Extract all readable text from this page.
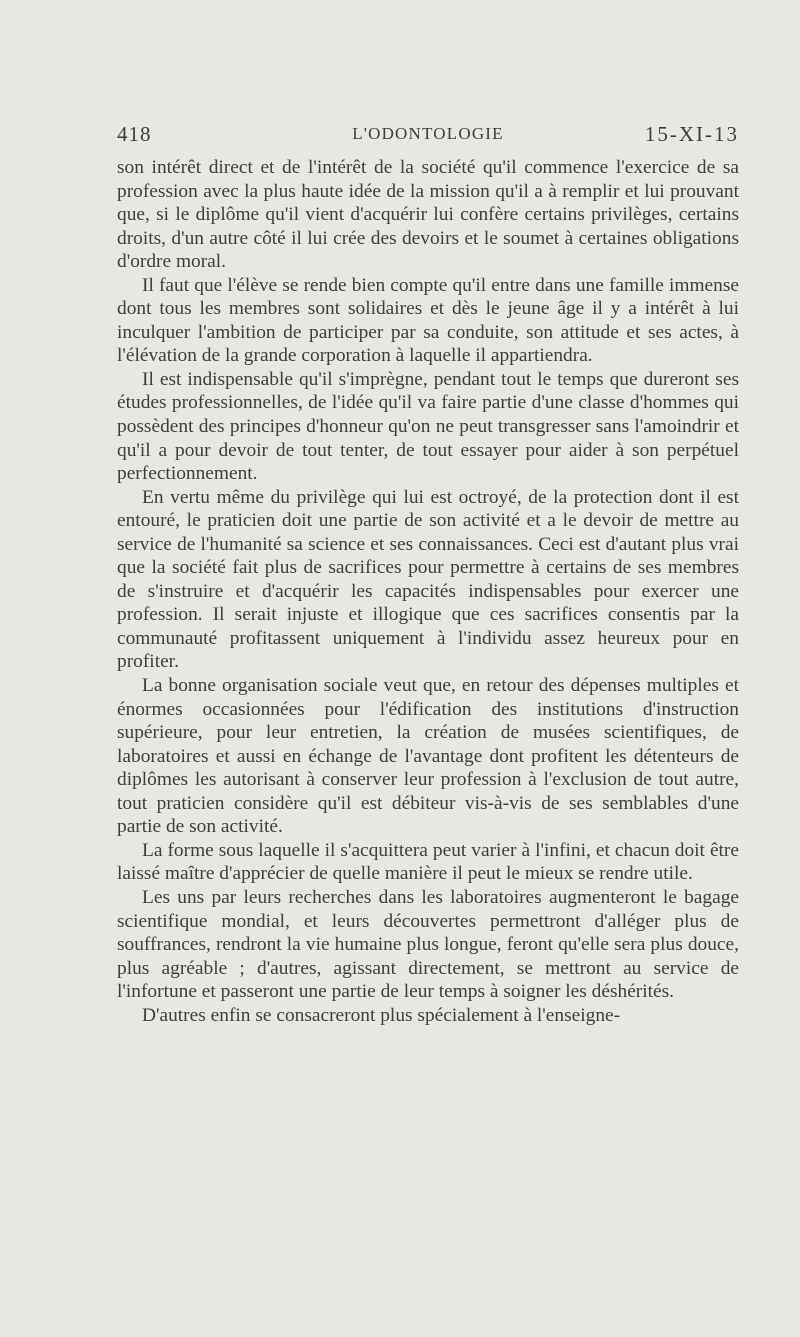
418	L'ODONTOLOGIE	15-XI-13

son intérêt direct et de l'intérêt de la société qu'il commence l'exercice de sa profession avec la plus haute idée de la mission qu'il a à remplir et lui prouvant que, si le diplôme qu'il vient d'acquérir lui confère certains privilèges, certains droits, d'un autre côté il lui crée des devoirs et le soumet à certaines obligations d'ordre moral.

Il faut que l'élève se rende bien compte qu'il entre dans une famille immense dont tous les membres sont solidaires et dès le jeune âge il y a intérêt à lui inculquer l'ambition de participer par sa conduite, son attitude et ses actes, à l'élévation de la grande corporation à laquelle il appartiendra.

Il est indispensable qu'il s'imprègne, pendant tout le temps que dureront ses études professionnelles, de l'idée qu'il va faire partie d'une classe d'hommes qui possèdent des principes d'honneur qu'on ne peut transgresser sans l'amoindrir et qu'il a pour devoir de tout tenter, de tout essayer pour aider à son perpétuel perfectionnement.

En vertu même du privilège qui lui est octroyé, de la protection dont il est entouré, le praticien doit une partie de son activité et a le devoir de mettre au service de l'humanité sa science et ses connaissances. Ceci est d'autant plus vrai que la société fait plus de sacrifices pour permettre à certains de ses membres de s'instruire et d'acquérir les capacités indispensables pour exercer une profession. Il serait injuste et illogique que ces sacrifices consentis par la communauté profitassent uniquement à l'individu assez heureux pour en profiter.

La bonne organisation sociale veut que, en retour des dépenses multiples et énormes occasionnées pour l'édification des institutions d'instruction supérieure, pour leur entretien, la création de musées scientifiques, de laboratoires et aussi en échange de l'avantage dont profitent les détenteurs de diplômes les autorisant à conserver leur profession à l'exclusion de tout autre, tout praticien considère qu'il est débiteur vis-à-vis de ses semblables d'une partie de son activité.

La forme sous laquelle il s'acquittera peut varier à l'infini, et chacun doit être laissé maître d'apprécier de quelle manière il peut le mieux se rendre utile.

Les uns par leurs recherches dans les laboratoires augmenteront le bagage scientifique mondial, et leurs découvertes permettront d'alléger plus de souffrances, rendront la vie humaine plus longue, feront qu'elle sera plus douce, plus agréable ; d'autres, agissant directement, se mettront au service de l'infortune et passeront une partie de leur temps à soigner les déshérités.

D'autres enfin se consacreront plus spécialement à l'enseigne-
